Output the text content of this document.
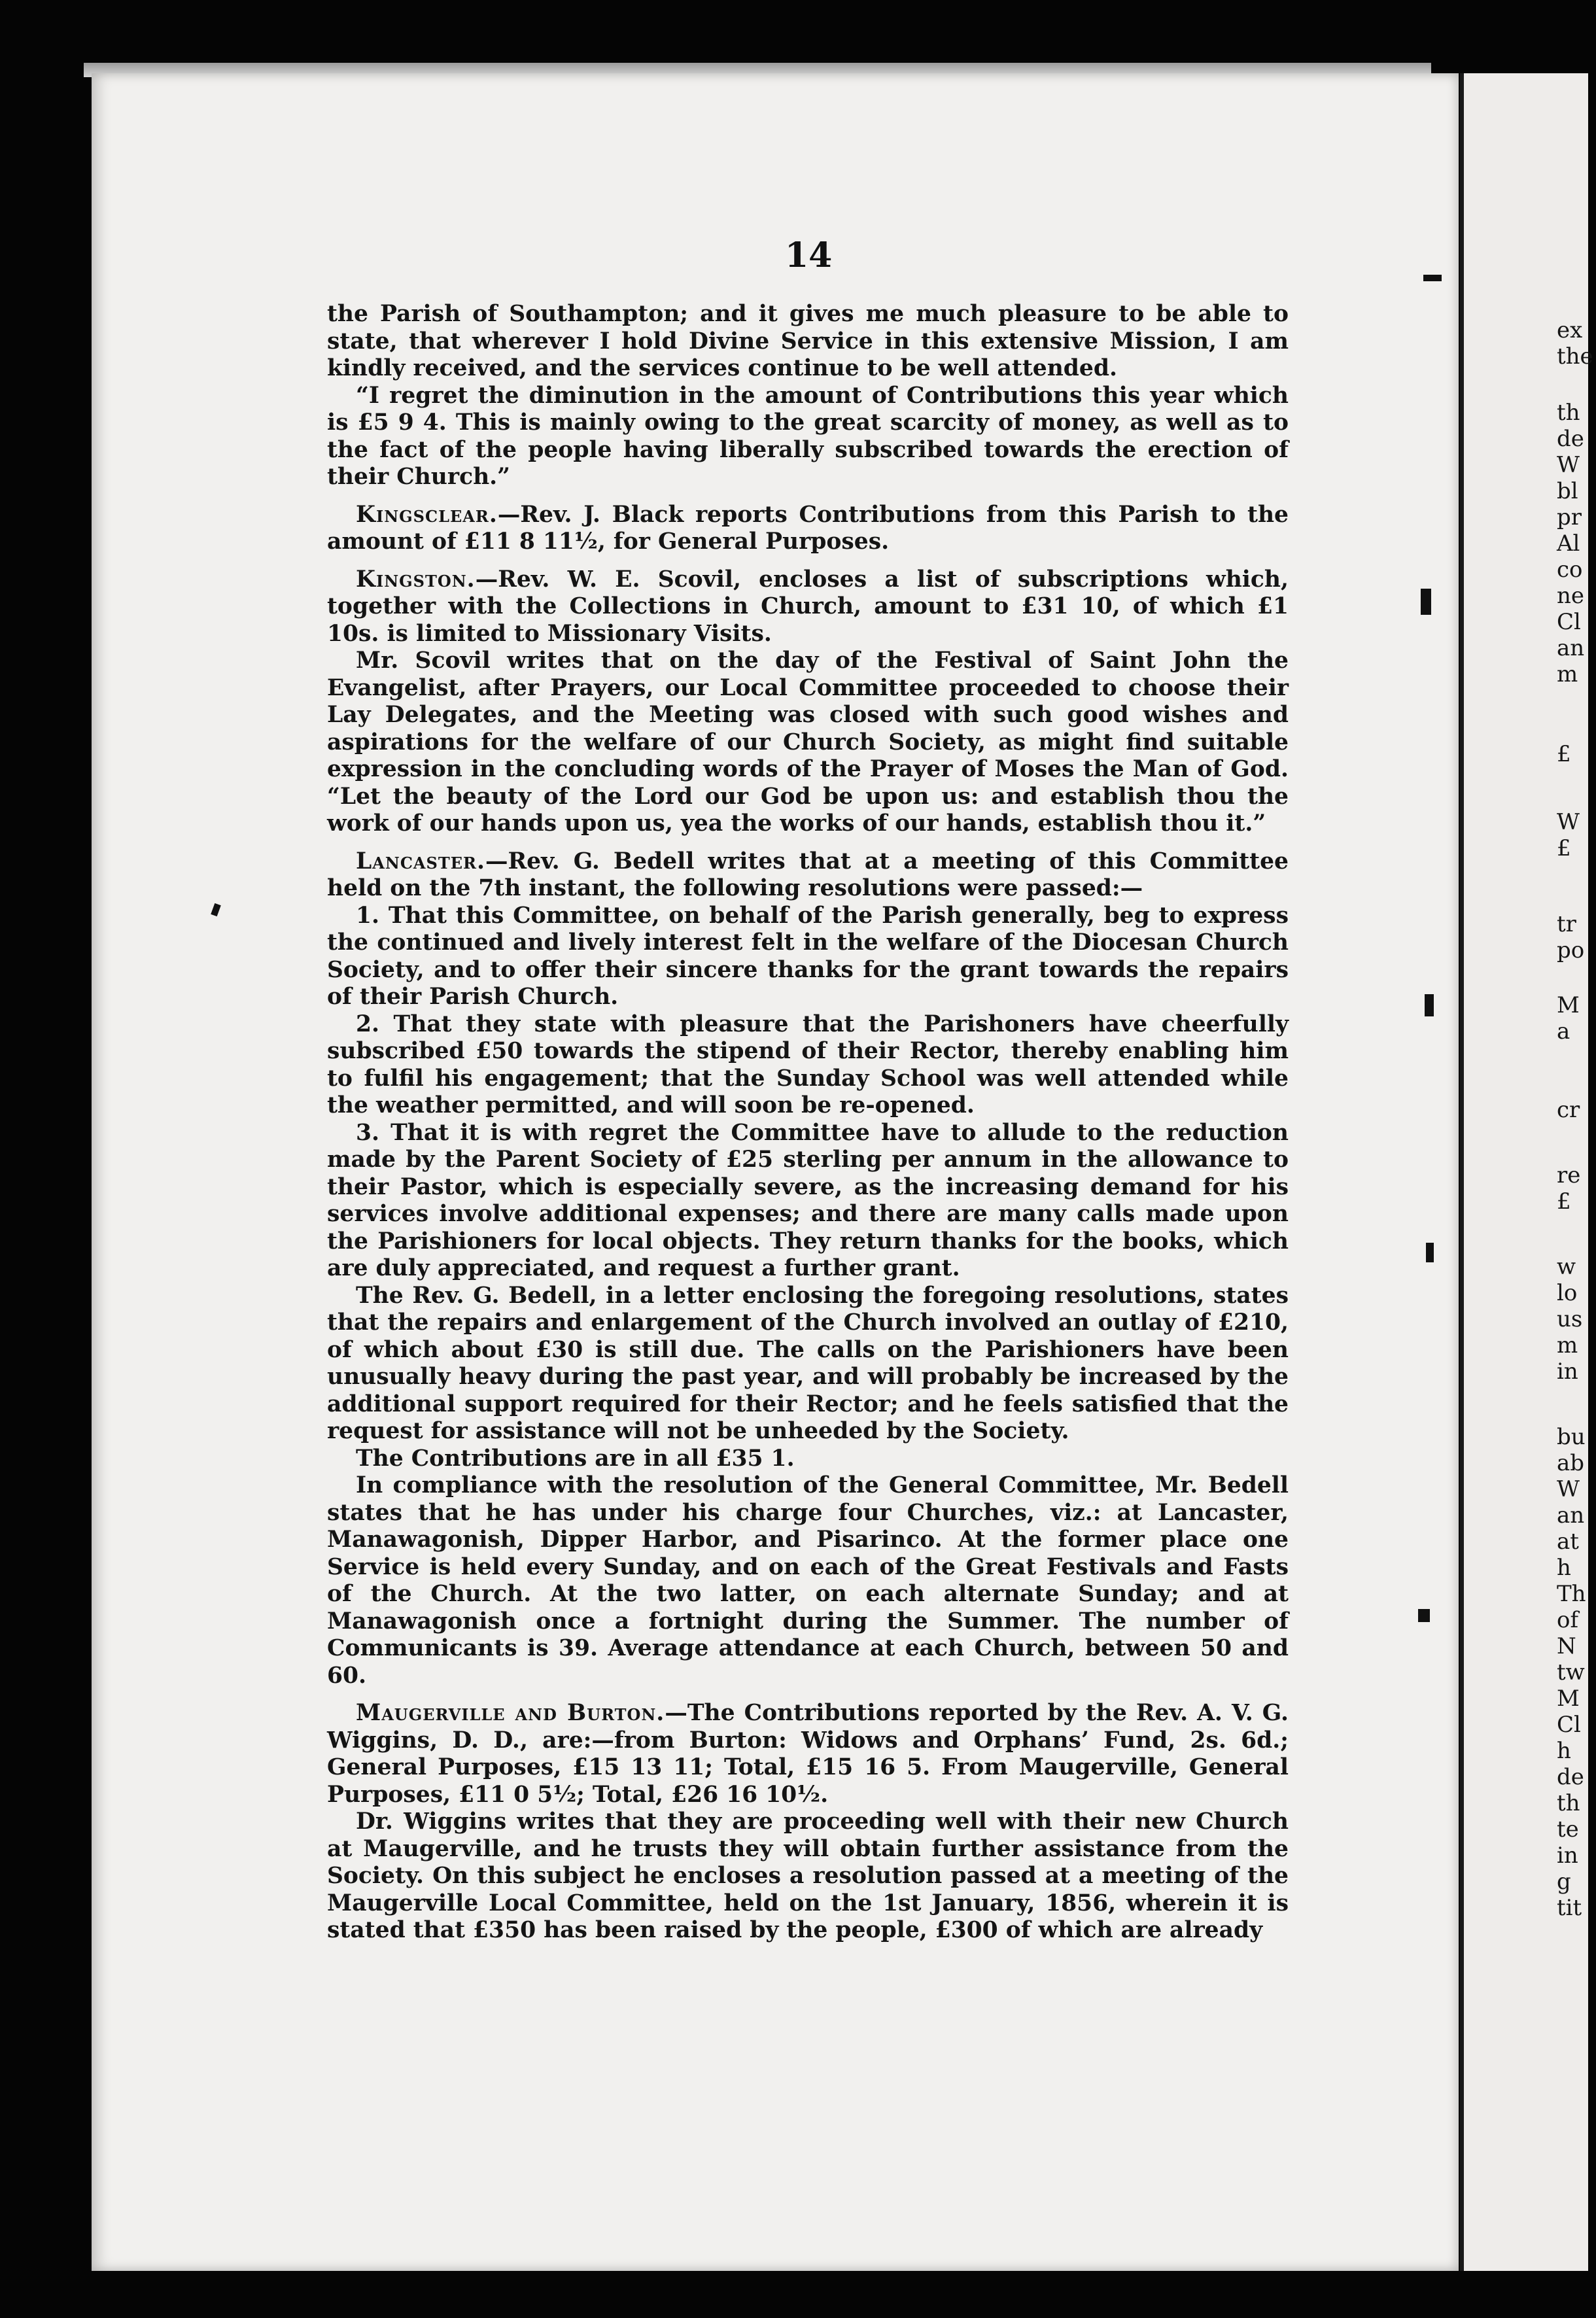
ex
the
th
de
W
bl
pr
Al
co
ne
Cl
an
m
£
W
£
tr
po
M
a
cr
re
£
w
lo
us
m
in
bu
ab
W
an
at
h
Th
of
N
tw
M
Cl
h
de
th
te
in
g
tit
14

the Parish of Southampton; and it gives me much pleasure to be able to state, that wherever I hold Divine Service in this extensive Mission, I am kindly received, and the services continue to be well attended.

“I regret the diminution in the amount of Contributions this year which is £5 9 4. This is mainly owing to the great scarcity of money, as well as to the fact of the people having liberally subscribed towards the erection of their Church.”

Kingsclear.—Rev. J. Black reports Contributions from this Parish to the amount of £11 8 11½, for General Purposes.

Kingston.—Rev. W. E. Scovil, encloses a list of subscriptions which, together with the Collections in Church, amount to £31 10, of which £1 10s. is limited to Missionary Visits.

Mr. Scovil writes that on the day of the Festival of Saint John the Evangelist, after Prayers, our Local Committee proceeded to choose their Lay Delegates, and the Meeting was closed with such good wishes and aspirations for the welfare of our Church Society, as might find suitable expression in the concluding words of the Prayer of Moses the Man of God. “Let the beauty of the Lord our God be upon us: and establish thou the work of our hands upon us, yea the works of our hands, establish thou it.”

Lancaster.—Rev. G. Bedell writes that at a meeting of this Committee held on the 7th instant, the following resolutions were passed:—

1. That this Committee, on behalf of the Parish generally, beg to express the continued and lively interest felt in the welfare of the Diocesan Church Society, and to offer their sincere thanks for the grant towards the repairs of their Parish Church.

2. That they state with pleasure that the Parishoners have cheerfully subscribed £50 towards the stipend of their Rector, thereby enabling him to fulfil his engagement; that the Sunday School was well attended while the weather permitted, and will soon be re-opened.

3. That it is with regret the Committee have to allude to the reduction made by the Parent Society of £25 sterling per annum in the allowance to their Pastor, which is especially severe, as the increasing demand for his services involve additional expenses; and there are many calls made upon the Parishioners for local objects. They return thanks for the books, which are duly appreciated, and request a further grant.

The Rev. G. Bedell, in a letter enclosing the foregoing resolutions, states that the repairs and enlargement of the Church involved an outlay of £210, of which about £30 is still due. The calls on the Parishioners have been unusually heavy during the past year, and will probably be increased by the additional support required for their Rector; and he feels satisfied that the request for assistance will not be unheeded by the Society.

The Contributions are in all £35 1.

In compliance with the resolution of the General Committee, Mr. Bedell states that he has under his charge four Churches, viz.: at Lancaster, Manawagonish, Dipper Harbor, and Pisarinco. At the former place one Service is held every Sunday, and on each of the Great Festivals and Fasts of the Church. At the two latter, on each alternate Sunday; and at Manawagonish once a fortnight during the Summer. The number of Communicants is 39. Average attendance at each Church, between 50 and 60.

Maugerville and Burton.—The Contributions reported by the Rev. A. V. G. Wiggins, D. D., are:—from Burton: Widows and Orphans’ Fund, 2s. 6d.; General Purposes, £15 13 11; Total, £15 16 5. From Maugerville, General Purposes, £11 0 5½; Total, £26 16 10½.

Dr. Wiggins writes that they are proceeding well with their new Church at Maugerville, and he trusts they will obtain further assistance from the Society. On this subject he encloses a resolution passed at a meeting of the Maugerville Local Committee, held on the 1st January, 1856, wherein it is stated that £350 has been raised by the people, £300 of which are already
